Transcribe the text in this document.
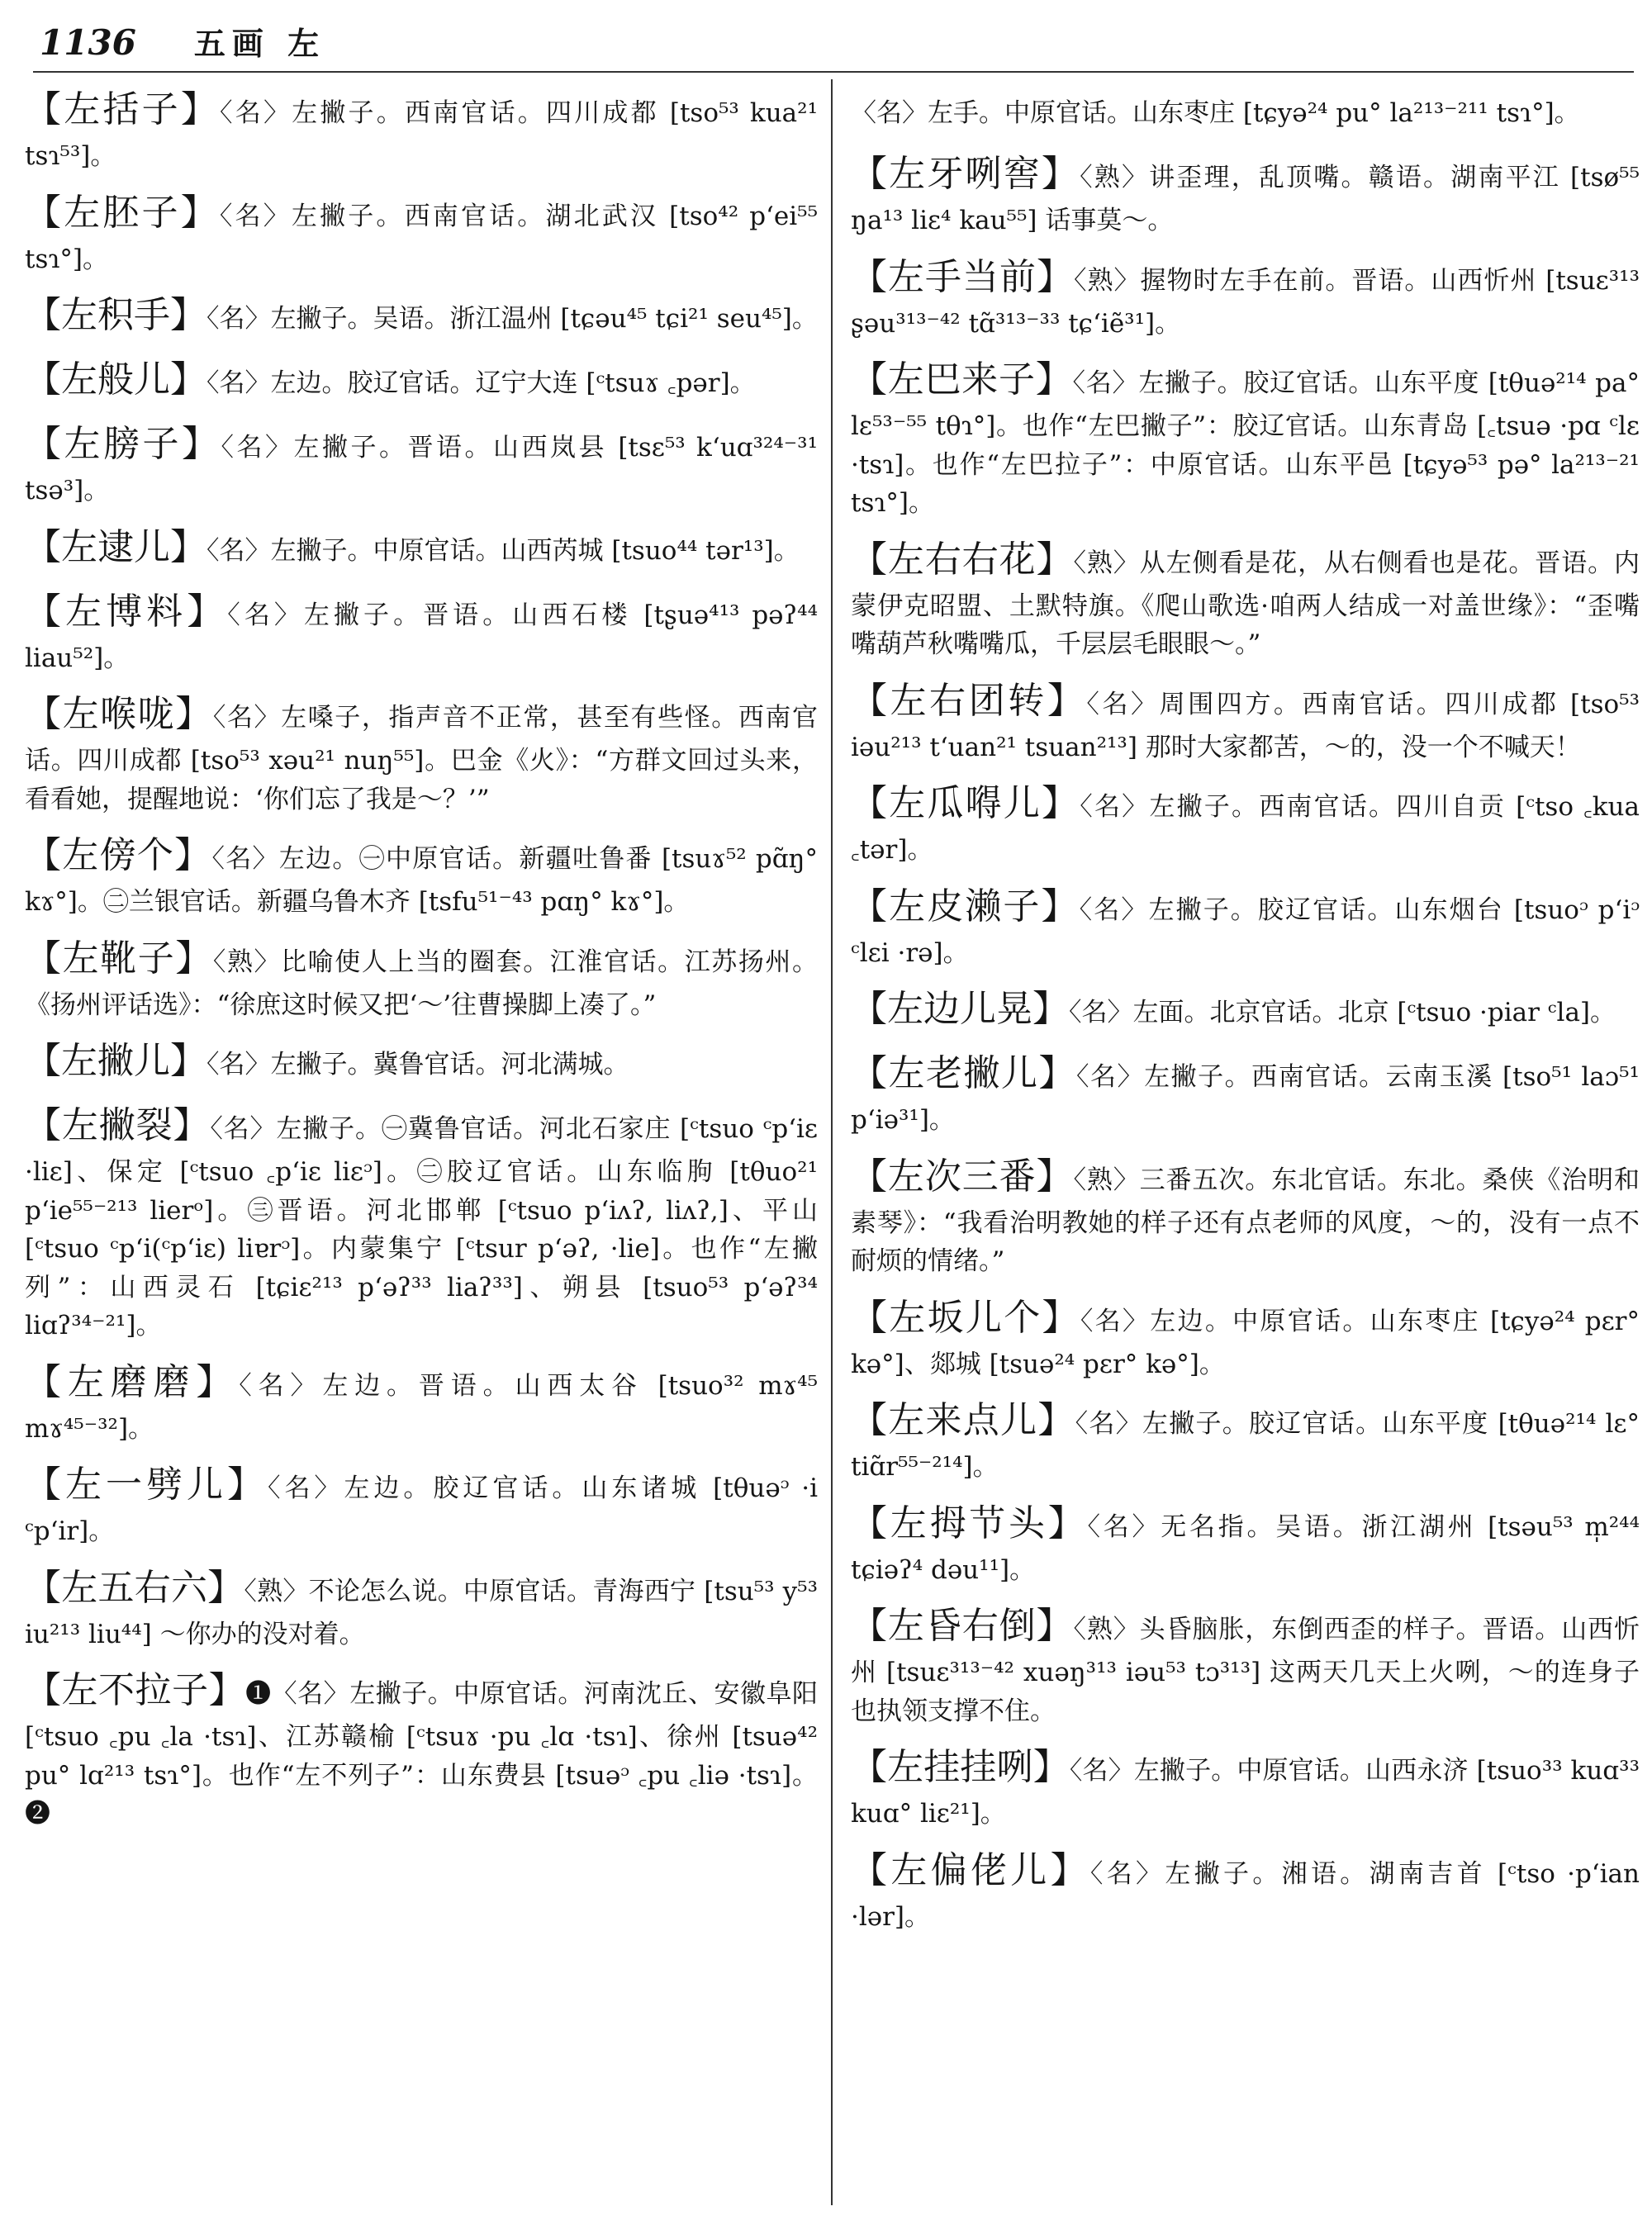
1136 五画 左
【左括子】〈名〉左撇子。西南官话。四川成都 [tso⁵³ kua²¹ tsɿ⁵³]。
【左胚子】〈名〉左撇子。西南官话。湖北武汉 [tso⁴² p‘ei⁵⁵ tsɿ°]。
【左积手】〈名〉左撇子。吴语。浙江温州 [tɕəu⁴⁵ tɕi²¹ seu⁴⁵]。
【左般儿】〈名〉左边。胶辽官话。辽宁大连 [ᶜtsuɤ ꜀pər]。
【左膀子】〈名〉左撇子。晋语。山西岚县 [tsɛ⁵³ k‘uɑ³²⁴⁻³¹ tsə³]。
【左逮儿】〈名〉左撇子。中原官话。山西芮城 [tsuo⁴⁴ tər¹³]。
【左博料】〈名〉左撇子。晋语。山西石楼 [tʂuə⁴¹³ pəʔ⁴⁴ liau⁵²]。
【左喉咙】〈名〉左嗓子，指声音不正常，甚至有些怪。西南官话。四川成都 [tso⁵³ xəu²¹ nuŋ⁵⁵]。巴金《火》：“方群文回过头来，看看她，提醒地说：‘你们忘了我是～？’”
【左傍个】〈名〉左边。㊀中原官话。新疆吐鲁番 [tsuɤ⁵² pɑ̃ŋ° kɤ°]。㊁兰银官话。新疆乌鲁木齐 [tsfu⁵¹⁻⁴³ pɑŋ° kɤ°]。
【左靴子】〈熟〉比喻使人上当的圈套。江淮官话。江苏扬州。《扬州评话选》：“徐庶这时候又把‘～’往曹操脚上凑了。”
【左撇儿】〈名〉左撇子。冀鲁官话。河北满城。
【左撇裂】〈名〉左撇子。㊀冀鲁官话。河北石家庄 [ᶜtsuo ᶜp‘iɛ ·liɛ]、保定 [ᶜtsuo ꜀p‘iɛ liɛᵓ]。㊁胶辽官话。山东临朐 [tθuo²¹ p‘ie⁵⁵⁻²¹³ lierᵒ]。㊂晋语。河北邯郸 [ᶜtsuo p‘iʌʔ, liʌʔ,]、平山 [ᶜtsuo ᶜp‘i(ᶜp‘iɛ) liɐrᵓ]。内蒙集宁 [ᶜtsur p‘əʔ, ·lie]。也作“左撇列”：山西灵石 [tɕiɛ²¹³ p‘əʔ³³ liaʔ³³]、朔县 [tsuo⁵³ p‘əʔ³⁴ liɑʔ³⁴⁻²¹]。
【左磨磨】〈名〉左边。晋语。山西太谷 [tsuo³² mɤ⁴⁵ mɤ⁴⁵⁻³²]。
【左一劈儿】〈名〉左边。胶辽官话。山东诸城 [tθuəᵓ ·i ᶜp‘ir]。
【左五右六】〈熟〉不论怎么说。中原官话。青海西宁 [tsu⁵³ y⁵³ iu²¹³ liu⁴⁴] ～你办的没对着。
【左不拉子】❶〈名〉左撇子。中原官话。河南沈丘、安徽阜阳 [ᶜtsuo ꜀pu ꜀la ·tsɿ]、江苏赣榆 [ᶜtsuɤ ·pu ꜀lɑ ·tsɿ]、徐州 [tsuə⁴² pu° lɑ²¹³ tsɿ°]。也作“左不列子”：山东费县 [tsuəᵓ ꜀pu ꜀liə ·tsɿ]。❷
〈名〉左手。中原官话。山东枣庄 [tɕyə²⁴ pu° la²¹³⁻²¹¹ tsɿ°]。
【左牙咧窖】〈熟〉讲歪理，乱顶嘴。赣语。湖南平江 [tsø⁵⁵ ŋa¹³ liɛ⁴ kau⁵⁵] 话事莫～。
【左手当前】〈熟〉握物时左手在前。晋语。山西忻州 [tsuɛ³¹³ ʂəu³¹³⁻⁴² tɑ̃³¹³⁻³³ tɕ‘iẽ³¹]。
【左巴来子】〈名〉左撇子。胶辽官话。山东平度 [tθuə²¹⁴ pa° lɛ⁵³⁻⁵⁵ tθɿ°]。也作“左巴撇子”：胶辽官话。山东青岛 [꜀tsuə ·pɑ ᶜlɛ ·tsɿ]。也作“左巴拉子”：中原官话。山东平邑 [tɕyə⁵³ pə° la²¹³⁻²¹ tsɿ°]。
【左右右花】〈熟〉从左侧看是花，从右侧看也是花。晋语。内蒙伊克昭盟、土默特旗。《爬山歌选·咱两人结成一对盖世缘》：“歪嘴嘴葫芦秋嘴嘴瓜，千层层毛眼眼～。”
【左右团转】〈名〉周围四方。西南官话。四川成都 [tso⁵³ iəu²¹³ t‘uan²¹ tsuan²¹³] 那时大家都苦，～的，没一个不喊天！
【左瓜嘚儿】〈名〉左撇子。西南官话。四川自贡 [ᶜtso ꜀kua ꜀tər]。
【左皮濑子】〈名〉左撇子。胶辽官话。山东烟台 [tsuoᵓ p‘iᵓ ᶜlɛi ·rə]。
【左边儿晃】〈名〉左面。北京官话。北京 [ᶜtsuo ·piar ᶜla]。
【左老撇儿】〈名〉左撇子。西南官话。云南玉溪 [tso⁵¹ laɔ⁵¹ p‘iə³¹]。
【左次三番】〈熟〉三番五次。东北官话。东北。桑侠《治明和素琴》：“我看治明教她的样子还有点老师的风度，～的，没有一点不耐烦的情绪。”
【左坂儿个】〈名〉左边。中原官话。山东枣庄 [tɕyə²⁴ pɛr° kə°]、郯城 [tsuə²⁴ pɛr° kə°]。
【左来点儿】〈名〉左撇子。胶辽官话。山东平度 [tθuə²¹⁴ lɛ° tiɑ̃r⁵⁵⁻²¹⁴]。
【左拇节头】〈名〉无名指。吴语。浙江湖州 [tsəu⁵³ m̩²⁴⁴ tɕiəʔ⁴ dəu¹¹]。
【左昏右倒】〈熟〉头昏脑胀，东倒西歪的样子。晋语。山西忻州 [tsuɛ³¹³⁻⁴² xuəŋ³¹³ iəu⁵³ tɔ³¹³] 这两天几天上火咧，～的连身子也执领支撑不住。
【左挂挂咧】〈名〉左撇子。中原官话。山西永济 [tsuo³³ kuɑ³³ kuɑ° liɛ²¹]。
【左偏佬儿】〈名〉左撇子。湘语。湖南吉首 [ᶜtso ·p‘ian ·lər]。
